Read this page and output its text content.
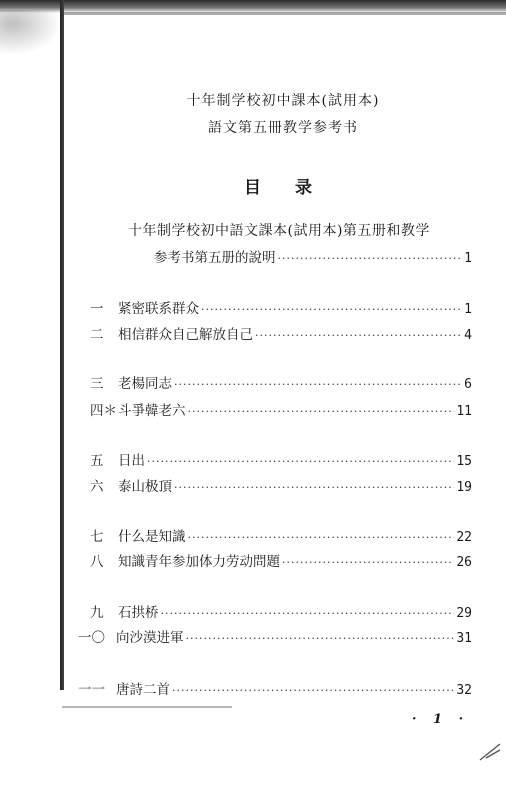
十年制学校初中課本(試用本)
語文第五冊教学参考书
目录
十年制学校初中語文課本(試用本)第五册和教学
参考书第五册的說明 ·····	1
一	紧密联系群众 ·····	1
二	相信群众自己解放自己 ·····	4
三	老楊同志 ·····	6
四＊ 斗爭韓老六 ·····	11
五	日出 ·····	15
六	泰山极頂 ·····	19
七	什么是知識 ·····	22
八	知識青年参加体力劳动問題 ·····	26
九	石拱桥 ·····	29
一〇 向沙漠进軍 ·····	31
一一 唐詩二首 ·····	32
· 1 ·
